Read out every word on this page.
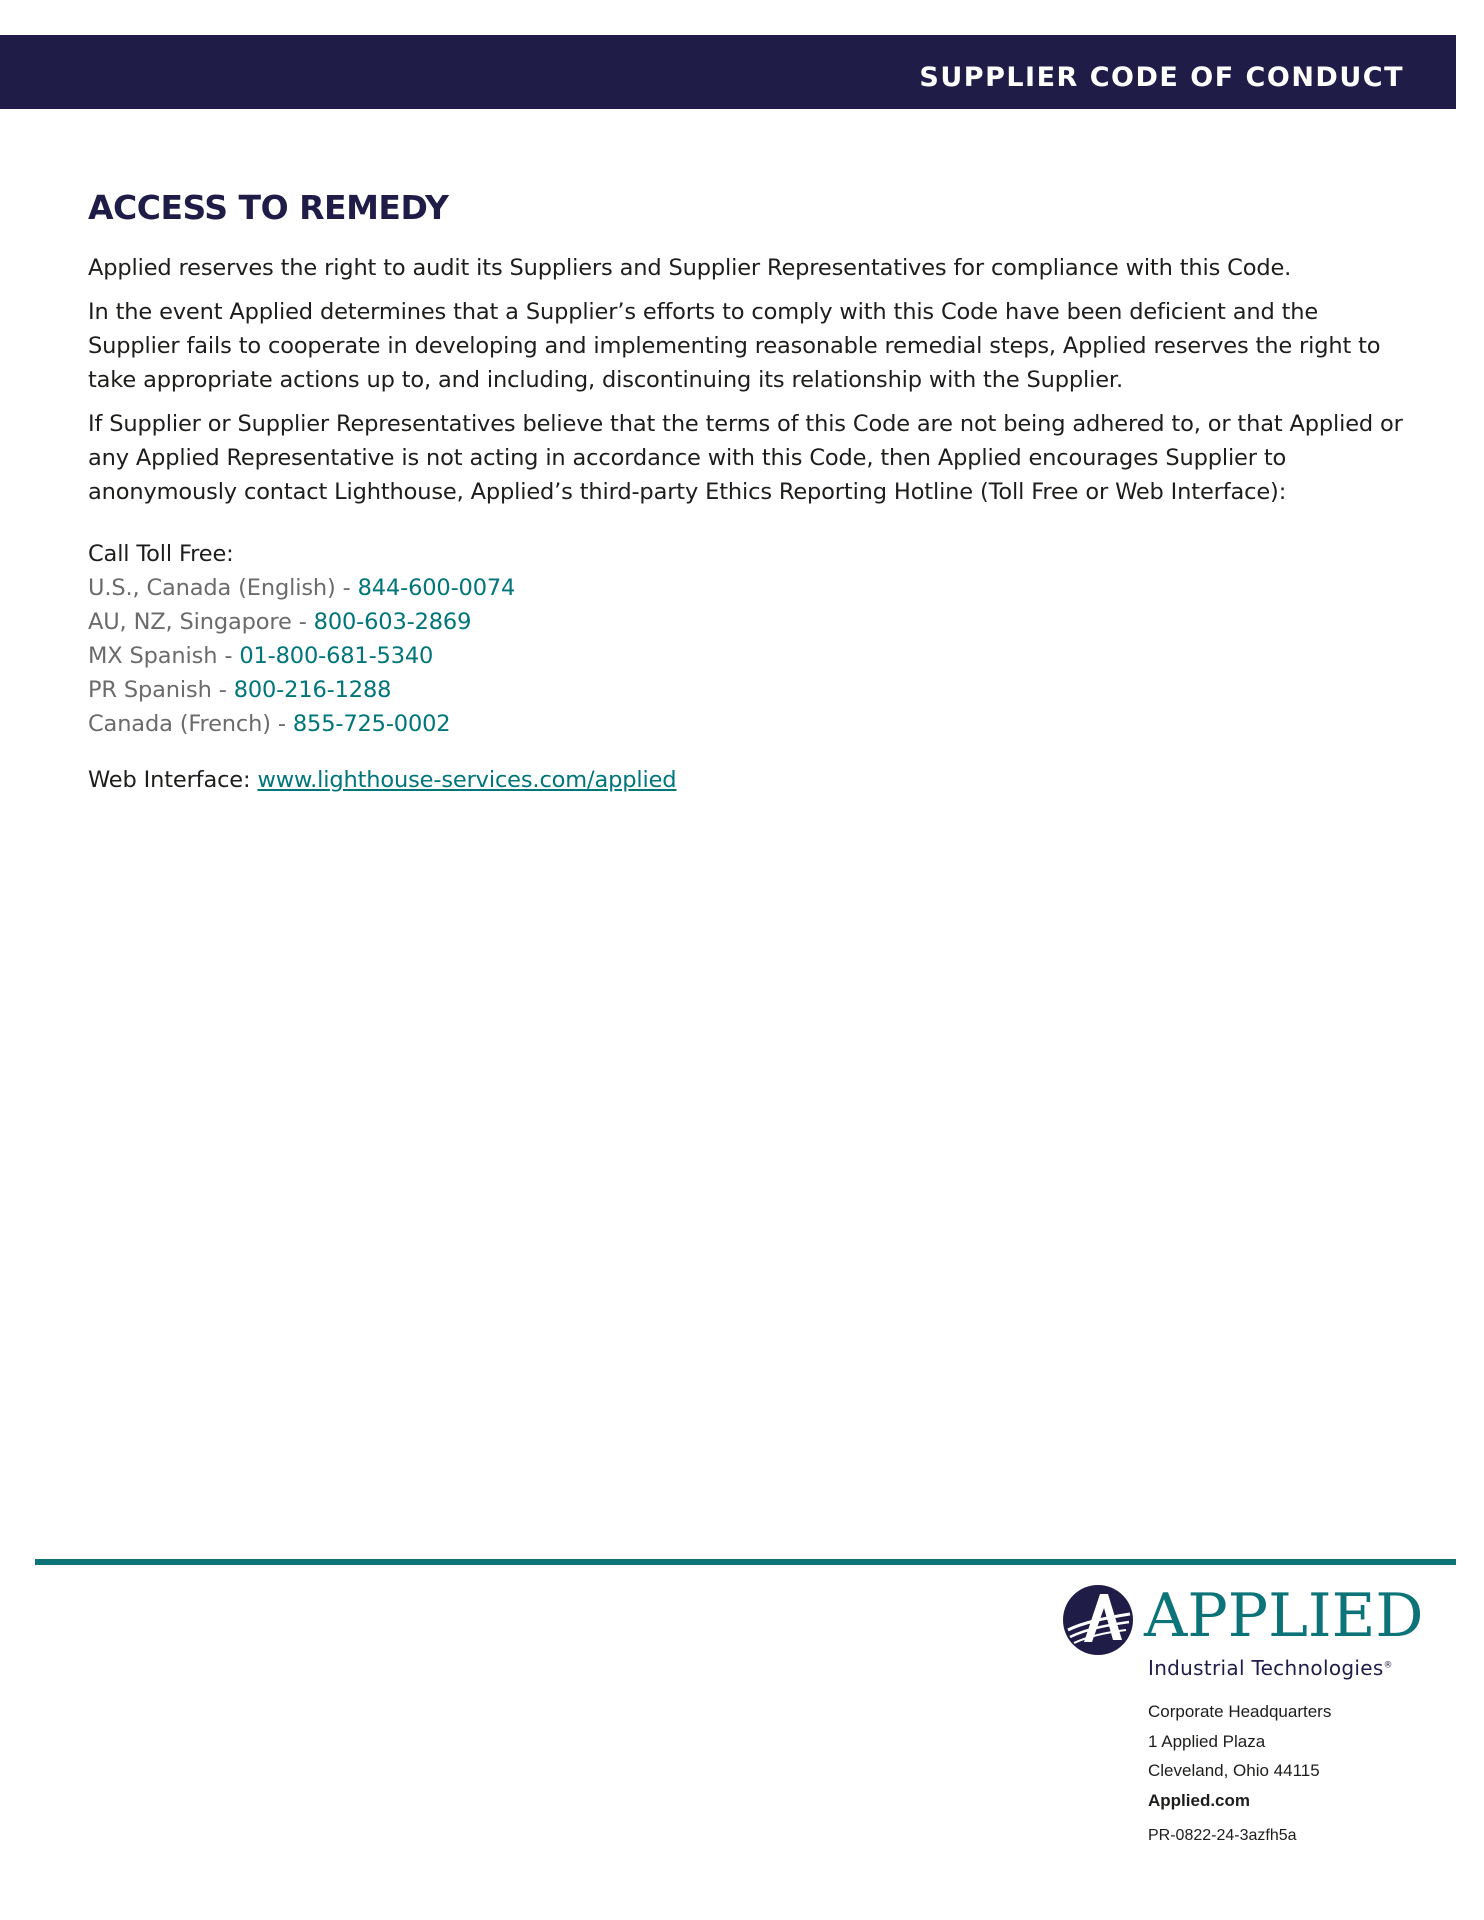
SUPPLIER CODE OF CONDUCT
ACCESS TO REMEDY

Applied reserves the right to audit its Suppliers and Supplier Representatives for compliance with this Code.

In the event Applied determines that a Supplier’s efforts to comply with this Code have been deficient and the Supplier fails to cooperate in developing and implementing reasonable remedial steps, Applied reserves the right to take appropriate actions up to, and including, discontinuing its relationship with the Supplier.

If Supplier or Supplier Representatives believe that the terms of this Code are not being adhered to, or that Applied or any Applied Representative is not acting in accordance with this Code, then Applied encourages Supplier to anonymously contact Lighthouse, Applied’s third-party Ethics Reporting Hotline (Toll Free or Web Interface):

Call Toll Free:
U.S., Canada (English) - 844-600-0074
AU, NZ, Singapore - 800-603-2869
MX Spanish - 01-800-681-5340
PR Spanish - 800-216-1288
Canada (French) - 855-725-0002
Web Interface: www.lighthouse-services.com/applied
APPLIED
Industrial Technologies®
Corporate Headquarters
1 Applied Plaza
Cleveland, Ohio 44115
Applied.com
PR-0822-24-3azfh5a
